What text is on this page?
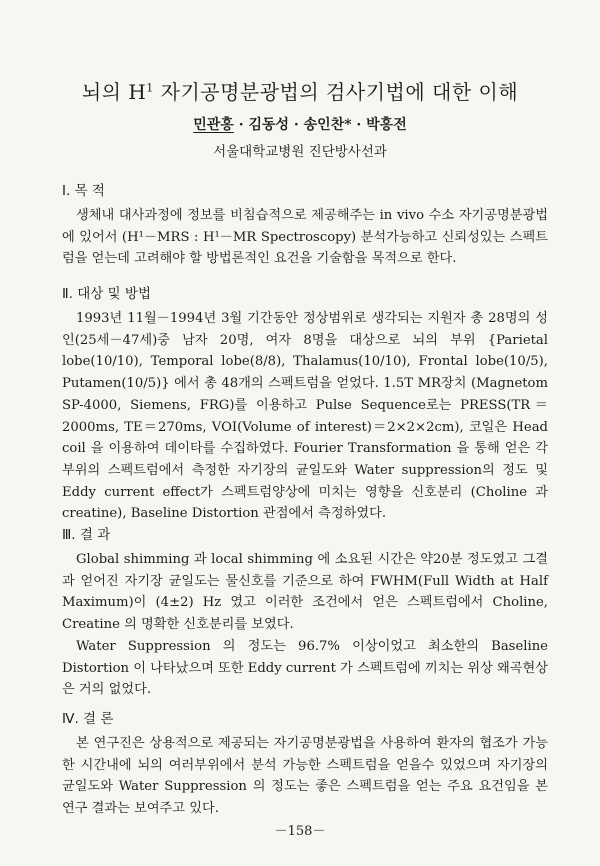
뇌의 $H^1$ 자기공명분광법의 검사기법에 대한 이해
민관홍 · 김동성 · 송인찬* · 박홍전
서울대학교병원 진단방사선과
Ⅰ. 목 적

생체내 대사과정에 정보를 비침습적으로 제공해주는 in vivo 수소 자기공명분광법에 있어서 (H¹－MRS : H¹－MR Spectroscopy) 분석가능하고 신뢰성있는 스펙트럼을 얻는데 고려해야 할 방법론적인 요건을 기술함을 목적으로 한다.

Ⅱ. 대상 및 방법

1993년 11월－1994년 3월 기간동안 정상범위로 생각되는 지원자 총 28명의 성인(25세－47세)중 남자 20명, 여자 8명을 대상으로 뇌의 부위 {Parietal lobe(10/10), Temporal lobe(8/8), Thalamus(10/10), Frontal lobe(10/5), Putamen(10/5)} 에서 총 48개의 스펙트럼을 얻었다. 1.5T MR장치 (Magnetom SP-4000, Siemens, FRG)를 이용하고 Pulse Sequence로는 PRESS(TR＝2000ms, TE＝270ms, VOI(Volume of interest)＝2×2×2cm), 코일은 Head coil 을 이용하여 데이타를 수집하였다. Fourier Transformation 을 통해 얻은 각부위의 스펙트럼에서 측정한 자기장의 균일도와 Water suppression의 정도 및 Eddy current effect가 스펙트럼양상에 미치는 영향을 신호분리 (Choline 과 creatine), Baseline Distortion 관점에서 측정하였다.

Ⅲ. 결 과

Global shimming 과 local shimming 에 소요된 시간은 약20분 정도였고 그결과 얻어진 자기장 균일도는 물신호를 기준으로 하여 FWHM(Full Width at Half Maximum)이 (4±2) Hz 였고 이러한 조건에서 얻은 스펙트럼에서 Choline, Creatine 의 명확한 신호분리를 보였다.

Water Suppression 의 정도는 96.7% 이상이었고 최소한의 Baseline Distortion 이 나타났으며 또한 Eddy current 가 스펙트럼에 끼치는 위상 왜곡현상은 거의 없었다.

Ⅳ. 결 론

본 연구진은 상용적으로 제공되는 자기공명분광법을 사용하여 환자의 협조가 가능한 시간내에 뇌의 여러부위에서 분석 가능한 스펙트럼을 얻을수 있었으며 자기장의 균일도와 Water Suppression 의 정도는 좋은 스펙트럼을 얻는 주요 요건임을 본 연구 결과는 보여주고 있다.

－158－
